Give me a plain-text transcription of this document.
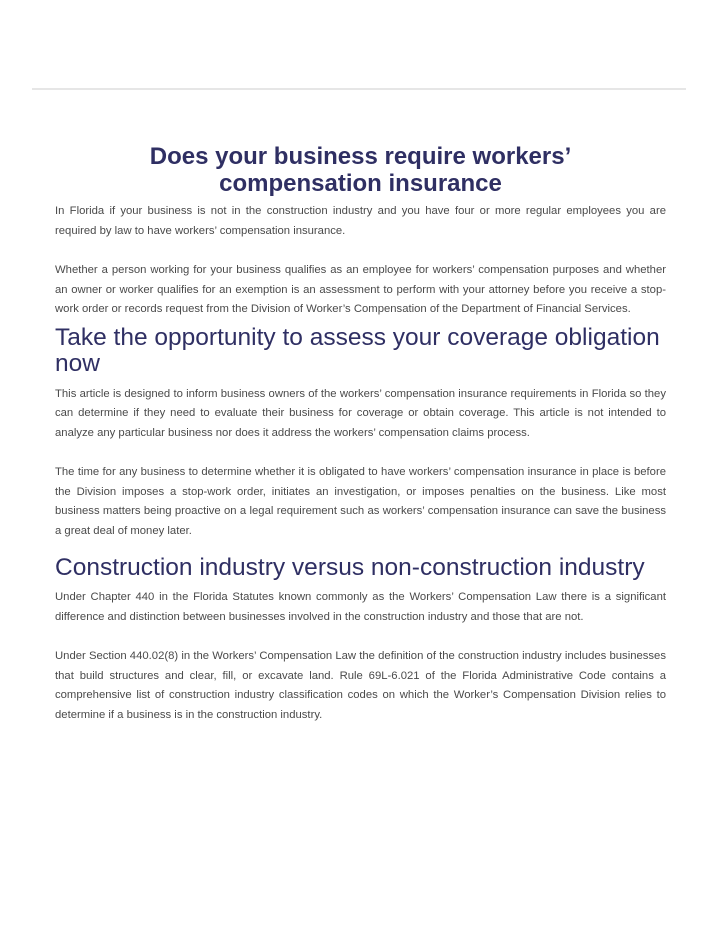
Does your business require workers’ compensation insurance

In Florida if your business is not in the construction industry and you have four or more regular employees you are required by law to have workers’ compensation insurance.

Whether a person working for your business qualifies as an employee for workers’ compensation purposes and whether an owner or worker qualifies for an exemption is an assessment to perform with your attorney before you receive a stop-work order or records request from the Division of Worker’s Compensation of the Department of Financial Services.

Take the opportunity to assess your coverage obligation now

This article is designed to inform business owners of the workers’ compensation insurance requirements in Florida so they can determine if they need to evaluate their business for coverage or obtain coverage. This article is not intended to analyze any particular business nor does it address the workers’ compensation claims process.

The time for any business to determine whether it is obligated to have workers’ compensation insurance in place is before the Division imposes a stop-work order, initiates an investigation, or imposes penalties on the business. Like most business matters being proactive on a legal requirement such as workers’ compensation insurance can save the business a great deal of money later.

Construction industry versus non-construction industry

Under Chapter 440 in the Florida Statutes known commonly as the Workers’ Compensation Law there is a significant difference and distinction between businesses involved in the construction industry and those that are not.

Under Section 440.02(8) in the Workers’ Compensation Law the definition of the construction industry includes businesses that build structures and clear, fill, or excavate land. Rule 69L-6.021 of the Florida Administrative Code contains a comprehensive list of construction industry classification codes on which the Worker’s Compensation Division relies to determine if a business is in the construction industry.
